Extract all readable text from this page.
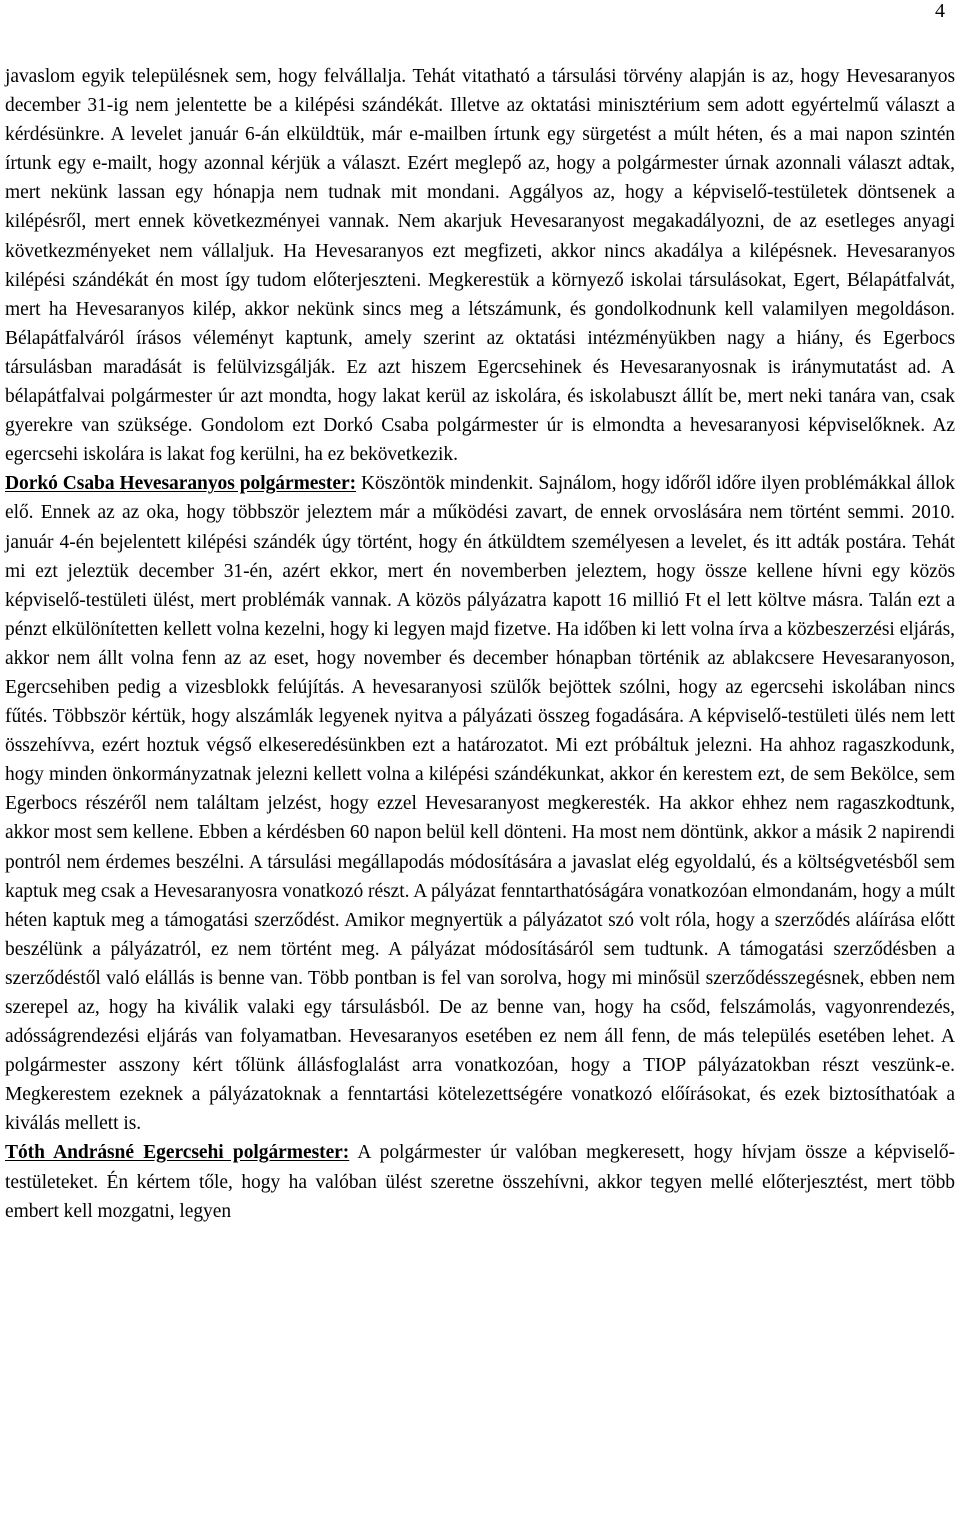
4

javaslom egyik településnek sem, hogy felvállalja. Tehát vitatható a társulási törvény alapján is az, hogy Hevesaranyos december 31-ig nem jelentette be a kilépési szándékát. Illetve az oktatási minisztérium sem adott egyértelmű választ a kérdésünkre. A levelet január 6-án elküldtük, már e-mailben írtunk egy sürgetést a múlt héten, és a mai napon szintén írtunk egy e-mailt, hogy azonnal kérjük a választ. Ezért meglepő az, hogy a polgármester úrnak azonnali választ adtak, mert nekünk lassan egy hónapja nem tudnak mit mondani. Aggályos az, hogy a képviselő-testületek döntsenek a kilépésről, mert ennek következményei vannak. Nem akarjuk Hevesaranyost megakadályozni, de az esetleges anyagi következményeket nem vállaljuk. Ha Hevesaranyos ezt megfizeti, akkor nincs akadálya a kilépésnek. Hevesaranyos kilépési szándékát én most így tudom előterjeszteni. Megkerestük a környező iskolai társulásokat, Egert, Bélapátfalvát, mert ha Hevesaranyos kilép, akkor nekünk sincs meg a létszámunk, és gondolkodnunk kell valamilyen megoldáson. Bélapátfalváról írásos véleményt kaptunk, amely szerint az oktatási intézményükben nagy a hiány, és Egerbocs társulásban maradását is felülvizsgálják. Ez azt hiszem Egercsehinek és Hevesaranyosnak is iránymutatást ad. A bélapátfalvai polgármester úr azt mondta, hogy lakat kerül az iskolára, és iskolabuszt állít be, mert neki tanára van, csak gyerekre van szüksége. Gondolom ezt Dorkó Csaba polgármester úr is elmondta a hevesaranyosi képviselőknek. Az egercsehi iskolára is lakat fog kerülni, ha ez bekövetkezik.

Dorkó Csaba Hevesaranyos polgármester: Köszöntök mindenkit. Sajnálom, hogy időről időre ilyen problémákkal állok elő. Ennek az az oka, hogy többször jeleztem már a működési zavart, de ennek orvoslására nem történt semmi. 2010. január 4-én bejelentett kilépési szándék úgy történt, hogy én átküldtem személyesen a levelet, és itt adták postára. Tehát mi ezt jeleztük december 31-én, azért ekkor, mert én novemberben jeleztem, hogy össze kellene hívni egy közös képviselő-testületi ülést, mert problémák vannak. A közös pályázatra kapott 16 millió Ft el lett költve másra. Talán ezt a pénzt elkülönítetten kellett volna kezelni, hogy ki legyen majd fizetve. Ha időben ki lett volna írva a közbeszerzési eljárás, akkor nem állt volna fenn az az eset, hogy november és december hónapban történik az ablakcsere Hevesaranyoson, Egercsehiben pedig a vizesblokk felújítás. A hevesaranyosi szülők bejöttek szólni, hogy az egercsehi iskolában nincs fűtés. Többször kértük, hogy alszámlák legyenek nyitva a pályázati összeg fogadására. A képviselő-testületi ülés nem lett összehívva, ezért hoztuk végső elkeseredésünkben ezt a határozatot. Mi ezt próbáltuk jelezni. Ha ahhoz ragaszkodunk, hogy minden önkormányzatnak jelezni kellett volna a kilépési szándékunkat, akkor én kerestem ezt, de sem Bekölce, sem Egerbocs részéről nem találtam jelzést, hogy ezzel Hevesaranyost megkeresték. Ha akkor ehhez nem ragaszkodtunk, akkor most sem kellene. Ebben a kérdésben 60 napon belül kell dönteni. Ha most nem döntünk, akkor a másik 2 napirendi pontról nem érdemes beszélni. A társulási megállapodás módosítására a javaslat elég egyoldalú, és a költségvetésből sem kaptuk meg csak a Hevesaranyosra vonatkozó részt. A pályázat fenntarthatóságára vonatkozóan elmondanám, hogy a múlt héten kaptuk meg a támogatási szerződést. Amikor megnyertük a pályázatot szó volt róla, hogy a szerződés aláírása előtt beszélünk a pályázatról, ez nem történt meg. A pályázat módosításáról sem tudtunk. A támogatási szerződésben a szerződéstől való elállás is benne van. Több pontban is fel van sorolva, hogy mi minősül szerződésszegésnek, ebben nem szerepel az, hogy ha kiválik valaki egy társulásból. De az benne van, hogy ha csőd, felszámolás, vagyonrendezés, adósságrendezési eljárás van folyamatban. Hevesaranyos esetében ez nem áll fenn, de más település esetében lehet. A polgármester asszony kért tőlünk állásfoglalást arra vonatkozóan, hogy a TIOP pályázatokban részt veszünk-e. Megkerestem ezeknek a pályázatoknak a fenntartási kötelezettségére vonatkozó előírásokat, és ezek biztosíthatóak a kiválás mellett is.

Tóth Andrásné Egercsehi polgármester: A polgármester úr valóban megkeresett, hogy hívjam össze a képviselő-testületeket. Én kértem tőle, hogy ha valóban ülést szeretne összehívni, akkor tegyen mellé előterjesztést, mert több embert kell mozgatni, legyen
